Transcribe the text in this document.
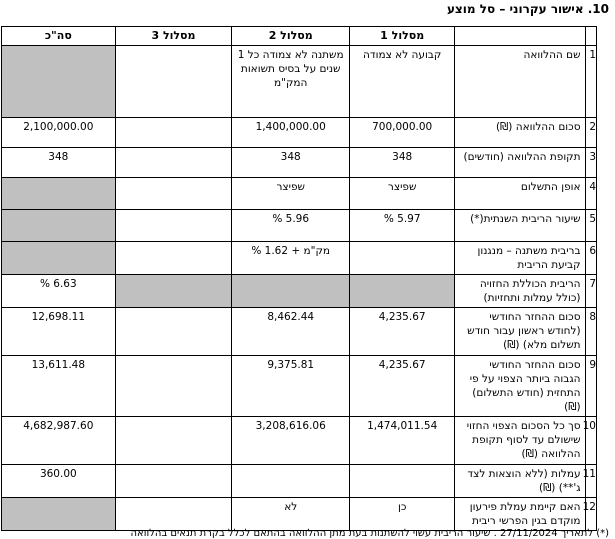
10. אישור עקרוני – סל מוצע
		מסלול 1	מסלול 2	מסלול 3	סה"כ
1	שם ההלוואה	קבועה לא צמודה	משתנה לא צמודה כל 1 שנים על בסיס תשואות המק"מ		
2	סכום ההלוואה (₪)	700,000.00	1,400,000.00		2,100,000.00
3	תקופת ההלוואה (חודשים)	348	348		348
4	אופן התשלום	שפיצר	שפיצר		
5	שיעור הריבית השנתית(*)	5.97 %	5.96 %		
6	בריבית משתנה – מנגנון קביעת הריבית		מק"מ + 1.62 %		
7	הריבית הכוללת החזויה (כולל עמלות ותחזיות)				6.63 %
8	סכום ההחזר החודשי (לחודש ראשון עבור חודש תשלום מלא) (₪)	4,235.67	8,462.44		12,698.11
9	סכום ההחזר החודשי הגבוה ביותר הצפוי על פי התחזית (חודש התשלום) (₪)	4,235.67	9,375.81		13,611.48
10	סך כל הסכום הצפוי החזוי שישולם עד לסוף תקופת ההלוואה (₪)	1,474,011.54	3,208,616.06		4,682,987.60
11	עמלות (ללא הוצאות לצד ג'**) (₪)				360.00
12	האם קיימת עמלת פירעון מוקדם בגין הפרשי ריבית	כן	לא		
(*) לתאריך 27/11/2024 . שיעור הריבית עשוי להשתנות בעת מתן ההלוואה בהתאם לכלל בקרת תנאים בהלוואה
